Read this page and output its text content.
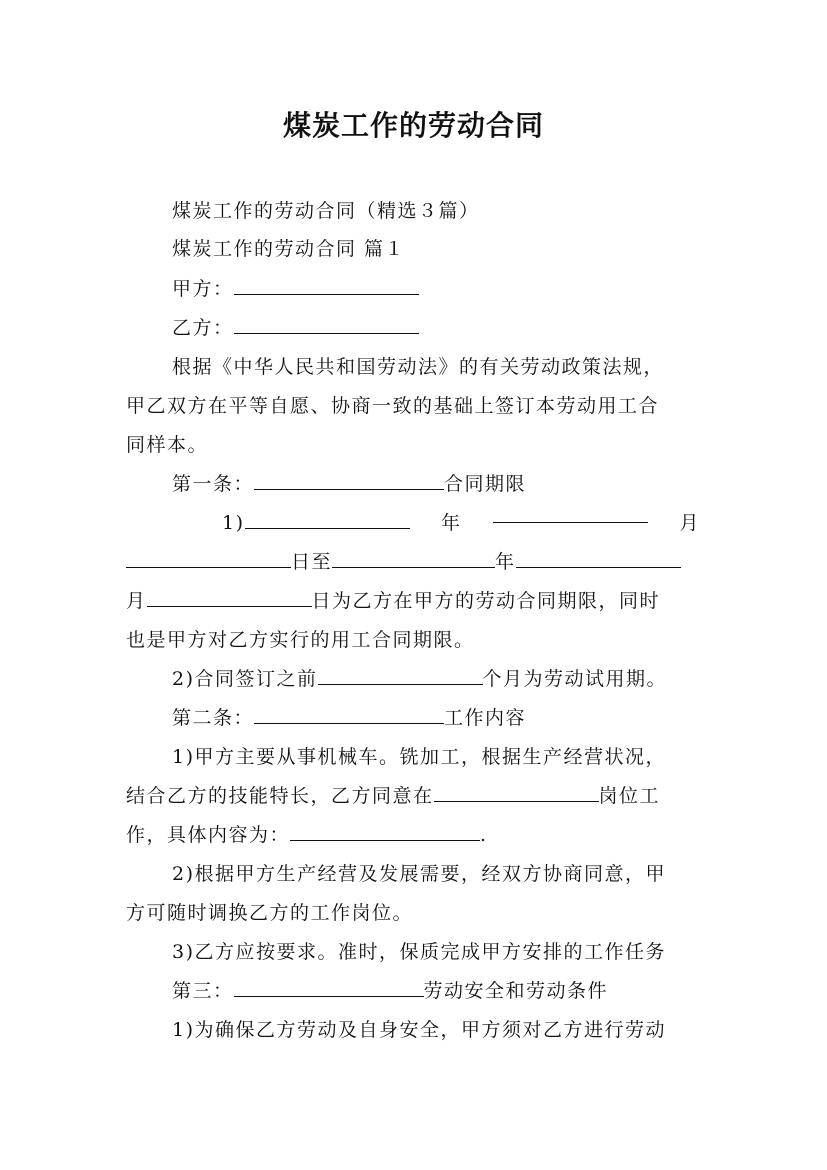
煤炭工作的劳动合同
煤炭工作的劳动合同（精选３篇）
煤炭工作的劳动合同 篇１
甲方：
乙方：
根据《中华人民共和国劳动法》的有关劳动政策法规，
甲乙双方在平等自愿、协商一致的基础上签订本劳动用工合
同样本。
第一条：	合同期限
1)	年	月
日至	年
月	日为乙方在甲方的劳动合同期限，同时
也是甲方对乙方实行的用工合同期限。
2)合同签订之前	个月为劳动试用期。
第二条：	工作内容
1)甲方主要从事机械车。铣加工，根据生产经营状况，
结合乙方的技能特长，乙方同意在	岗位工
作，具体内容为：	.
2)根据甲方生产经营及发展需要，经双方协商同意，甲
方可随时调换乙方的工作岗位。
3)乙方应按要求。准时，保质完成甲方安排的工作任务
第三：	劳动安全和劳动条件
1)为确保乙方劳动及自身安全，甲方须对乙方进行劳动
